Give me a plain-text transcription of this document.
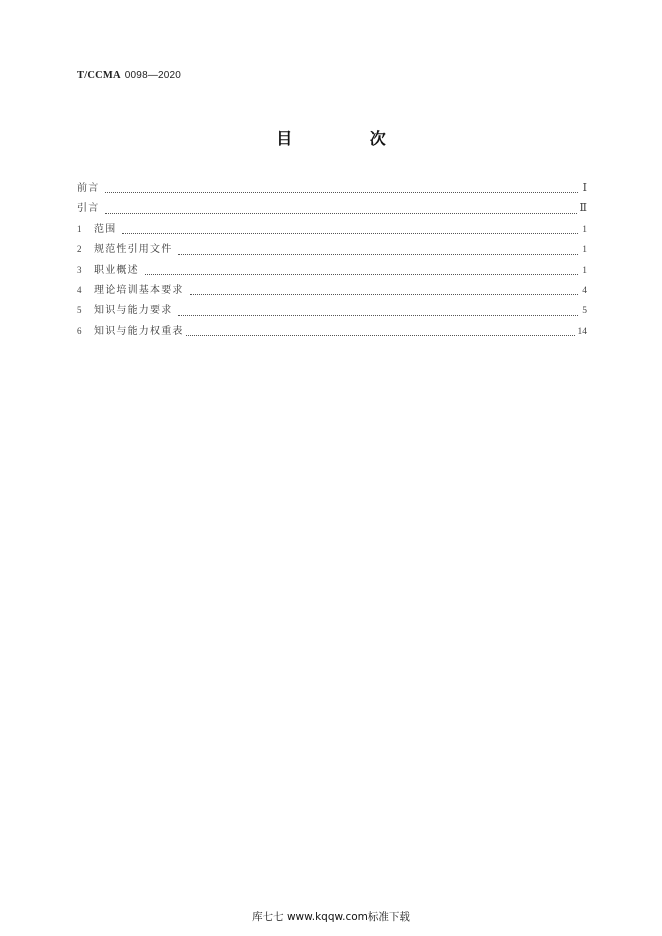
T/CCMA 0098—2020
目 次
前言	Ⅰ
引言	Ⅱ
1	范围	1
2	规范性引用文件	1
3	职业概述	1
4	理论培训基本要求	4
5	知识与能力要求	5
6	知识与能力权重表	14
库七七 www.kqqw.com标准下载
